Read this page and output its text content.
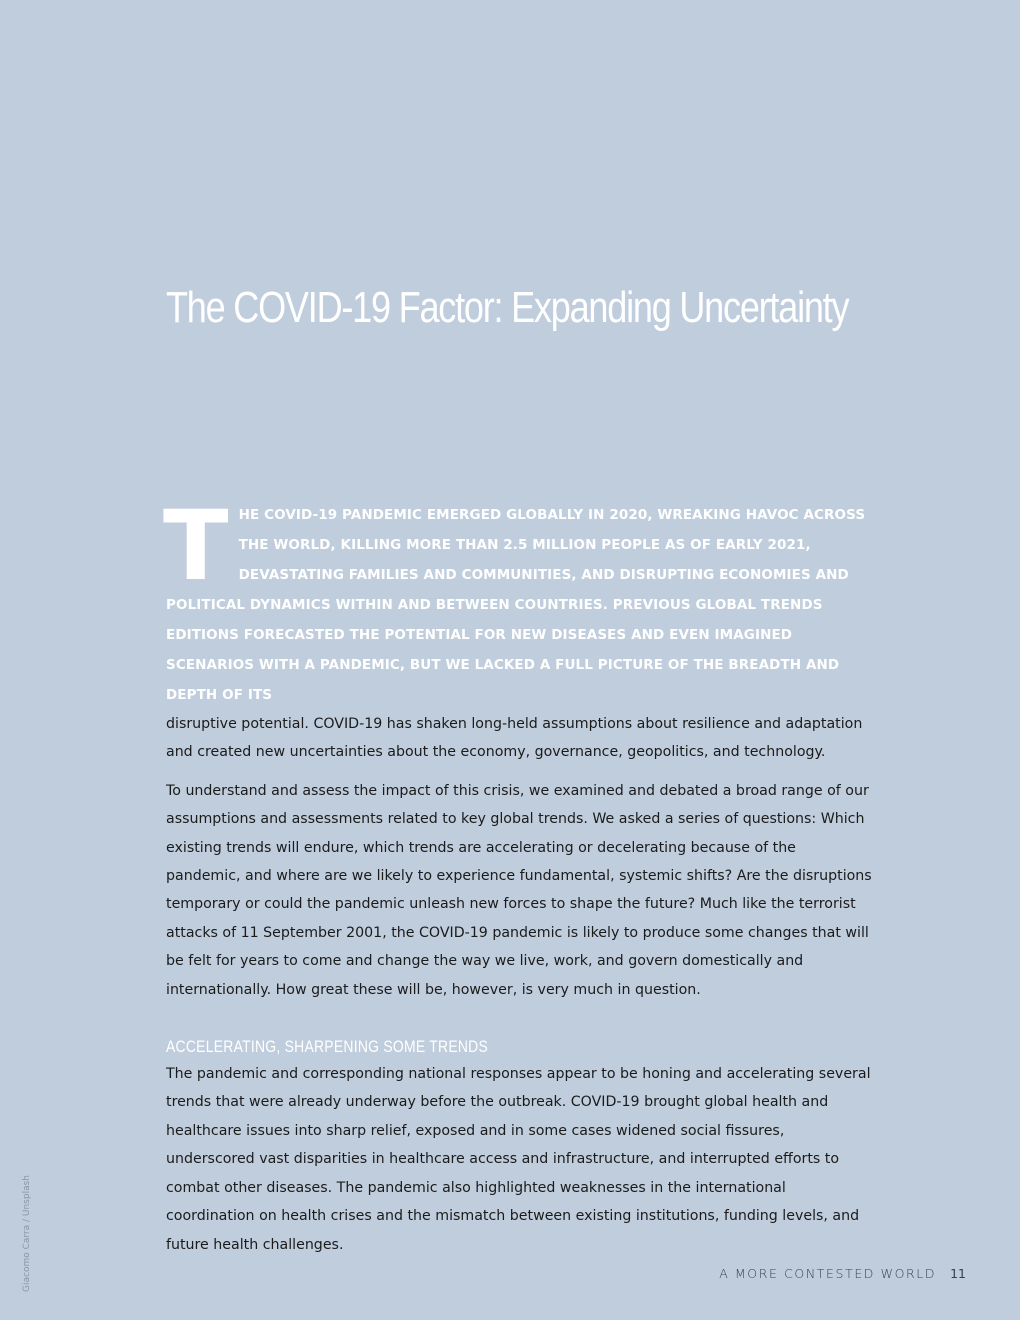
The COVID-19 Factor: Expanding Uncertainty
THE COVID-19 PANDEMIC EMERGED GLOBALLY IN 2020, WREAKING HAVOC ACROSS THE WORLD, KILLING MORE THAN 2.5 MILLION PEOPLE AS OF EARLY 2021, DEVASTATING FAMILIES AND COMMUNITIES, AND DISRUPTING ECONOMIES AND POLITICAL DYNAMICS WITHIN AND BETWEEN COUNTRIES. PREVIOUS GLOBAL TRENDS EDITIONS FORECASTED THE POTENTIAL FOR NEW DISEASES AND EVEN IMAGINED SCENARIOS WITH A PANDEMIC, BUT WE LACKED A FULL PICTURE OF THE BREADTH AND DEPTH OF ITS

disruptive potential. COVID-19 has shaken long-held assumptions about resilience and adaptation and created new uncertainties about the economy, governance, geopolitics, and technology.

To understand and assess the impact of this crisis, we examined and debated a broad range of our assumptions and assessments related to key global trends. We asked a series of questions: Which existing trends will endure, which trends are accelerating or decelerating because of the pandemic, and where are we likely to experience fundamental, systemic shifts? Are the disruptions temporary or could the pandemic unleash new forces to shape the future? Much like the terrorist attacks of 11 September 2001, the COVID-19 pandemic is likely to produce some changes that will be felt for years to come and change the way we live, work, and govern domestically and internationally. How great these will be, however, is very much in question.

ACCELERATING, SHARPENING SOME TRENDS

The pandemic and corresponding national responses appear to be honing and accelerating several trends that were already underway before the outbreak. COVID-19 brought global health and healthcare issues into sharp relief, exposed and in some cases widened social fissures, underscored vast disparities in healthcare access and infrastructure, and interrupted efforts to combat other diseases. The pandemic also highlighted weaknesses in the international coordination on health crises and the mismatch between existing institutions, funding levels, and future health challenges.

Giacomo Carra / Unsplash	A MORE CONTESTED WORLD 11
